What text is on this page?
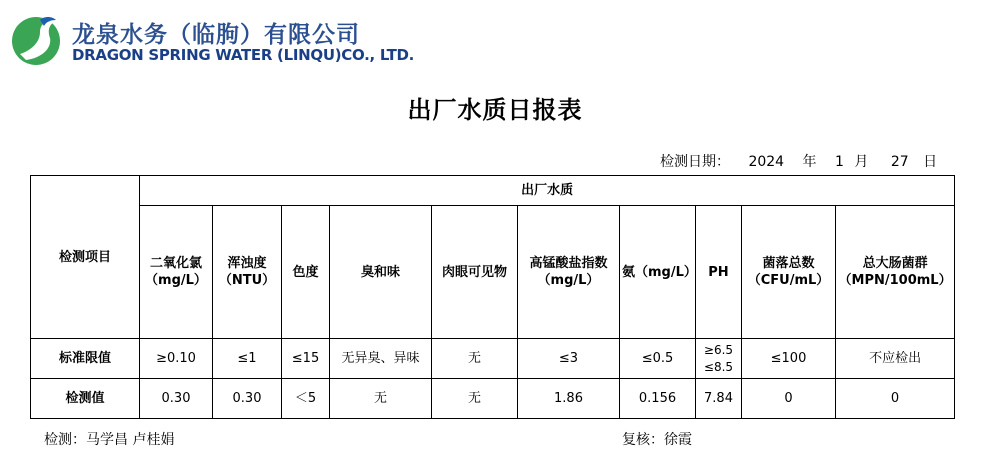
龙泉水务（临朐）有限公司
DRAGON SPRING WATER (LINQU)CO., LTD.
出厂水质日报表
检测日期： 2024 年 1 月 27 日
检测项目	出厂水质									
	二氧化氯（mg/L）	浑浊度（NTU）	色度	臭和味	肉眼可见物	高锰酸盐指数（mg/L）	氨（mg/L）	PH	菌落总数（CFU/mL）	总大肠菌群（MPN/100mL）
标准限值	≥0.10	≤1	≤15	无异臭、异味	无	≤3	≤0.5	≥6.5 ≤8.5	≤100	不应检出
检测值	0.30	0.30	＜5	无	无	1.86	0.156	7.84	0	0
检测：马学昌 卢桂娟	复核：徐霞
